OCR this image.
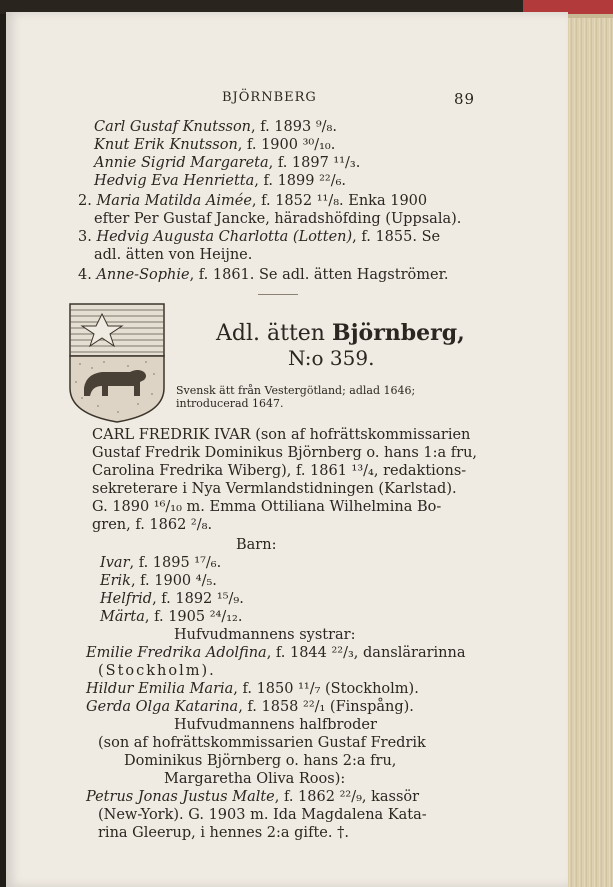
BJÖRNBERG	89
Carl Gustaf Knutsson, f. 1893 ⁹/₈.
Knut Erik Knutsson, f. 1900 ³⁰/₁₀.
Annie Sigrid Margareta, f. 1897 ¹¹/₃.
Hedvig Eva Henrietta, f. 1899 ²²/₆.
2. Maria Matilda Aimée, f. 1852 ¹¹/₈. Enka 1900
efter Per Gustaf Jancke, häradshöfding (Uppsala).
3. Hedvig Augusta Charlotta (Lotten), f. 1855. Se
adl. ätten von Heijne.
4. Anne-Sophie, f. 1861. Se adl. ätten Hagströmer.
Adl. ätten Björnberg,
N:o 359.
Svensk ätt från Vestergötland; adlad 1646;
introducerad 1647.
CARL FREDRIK IVAR (son af hofrättskommissarien
Gustaf Fredrik Dominikus Björnberg o. hans 1:a fru,
Carolina Fredrika Wiberg), f. 1861 ¹³/₄, redaktions-
sekreterare i Nya Vermlandstidningen (Karlstad).
G. 1890 ¹⁶/₁₀ m. Emma Ottiliana Wilhelmina Bo-
gren, f. 1862 ²/₈.
Barn:
Ivar, f. 1895 ¹⁷/₆.
Erik, f. 1900 ⁴/₅.
Helfrid, f. 1892 ¹⁵/₉.
Märta, f. 1905 ²⁴/₁₂.
Hufvudmannens systrar:
Emilie Fredrika Adolfina, f. 1844 ²²/₃, danslärarinna
(Stockholm).
Hildur Emilia Maria, f. 1850 ¹¹/₇ (Stockholm).
Gerda Olga Katarina, f. 1858 ²²/₁ (Finspång).
Hufvudmannens halfbroder
(son af hofrättskommissarien Gustaf Fredrik
Dominikus Björnberg o. hans 2:a fru,
Margaretha Oliva Roos):
Petrus Jonas Justus Malte, f. 1862 ²²/₉, kassör
(New-York). G. 1903 m. Ida Magdalena Kata-
rina Gleerup, i hennes 2:a gifte. †.
